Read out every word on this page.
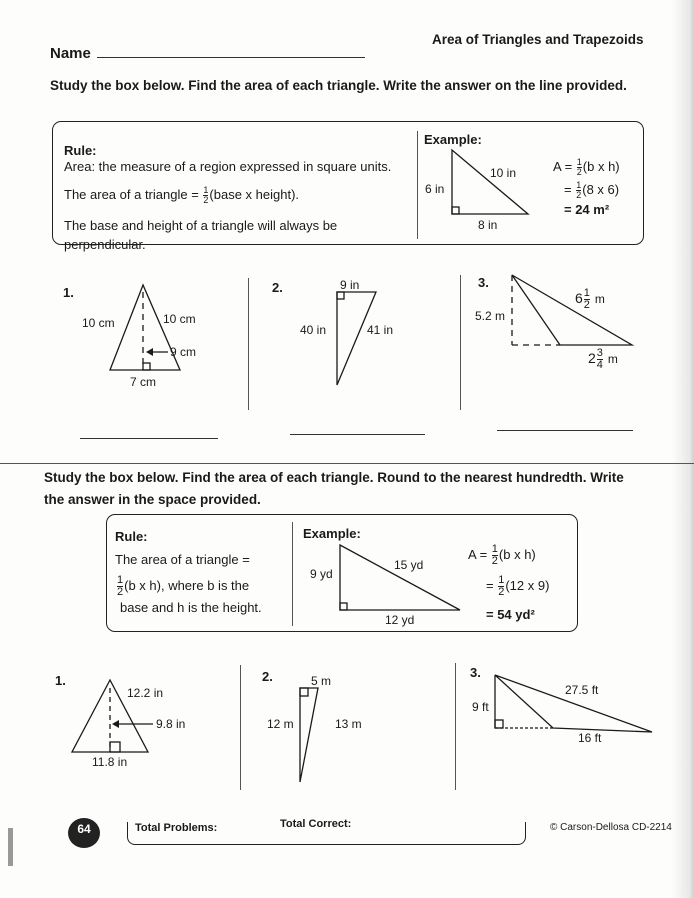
Name
Area of Triangles and Trapezoids
Study the box below. Find the area of each triangle. Write the answer on the line provided.
Rule:
Area: the measure of a region expressed in square units.
The area of a triangle = $\frac{1}{2}$ (base x height).
The base and height of a triangle will always be
perpendicular.
Example:
$A = \frac{1}{2} (b$ x h)
= $\frac{1}{2} (8$ x 6)
= 24 m²
1.	2.	3.
$6 \frac{1}{2}$ m
$2 \frac{3}{4}$ m
Study the box below. Find the area of each triangle. Round to the nearest hundredth. Write
the answer in the space provided.
Rule:
The area of a triangle =
$\frac{1}{2} (b$ x h), where b is the
base and h is the height.
Example:
$A = \frac{1}{2} (b$ x h)
= $\frac{1}{2} (12$ x 9)
= 54 yd²
1.	2.	3.
10 in
6 in
8 in
10 cm	10 cm
9 cm
7 cm
9 in
40 in	41 in
5.2 m
15 yd
9 yd
12 yd
12.2 in
9.8 in
11.8 in
5 m
12 m	13 m
27.5 ft
9 ft
16 ft
64	Total Problems:	Total Correct:	© Carson-Dellosa CD-2214
